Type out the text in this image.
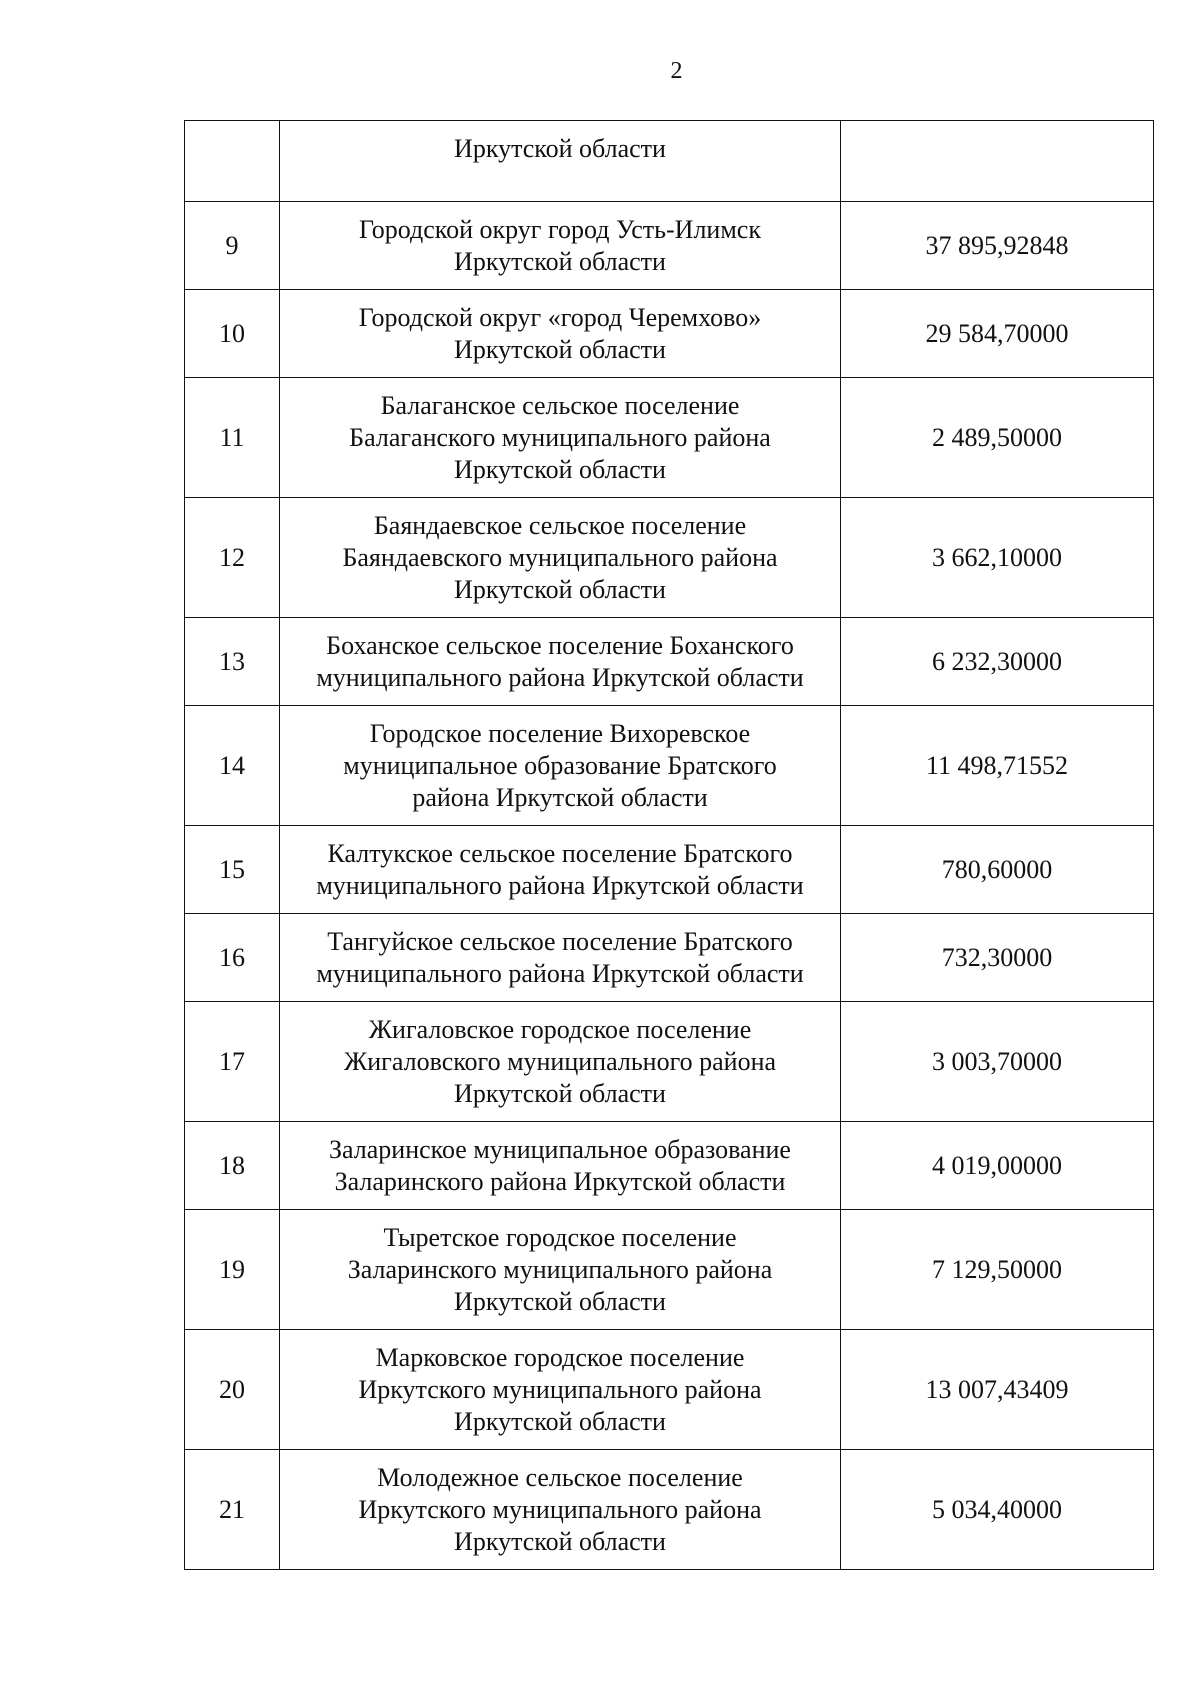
2

	Иркутской области	

9	Городской округ город Усть-Илимск
Иркутской области	37 895,92848
10	Городской округ «город Черемхово»
Иркутской области	29 584,70000
11	Балаганское сельское поселение
Балаганского муниципального района
Иркутской области	2 489,50000
12	Баяндаевское сельское поселение
Баяндаевского муниципального района
Иркутской области	3 662,10000
13	Боханское сельское поселение Боханского
муниципального района Иркутской области	6 232,30000
14	Городское поселение Вихоревское
муниципальное образование Братского
района Иркутской области	11 498,71552
15	Калтукское сельское поселение Братского
муниципального района Иркутской области	780,60000
16	Тангуйское сельское поселение Братского
муниципального района Иркутской области	732,30000
17	Жигаловское городское поселение
Жигаловского муниципального района
Иркутской области	3 003,70000
18	Заларинское муниципальное образование
Заларинского района Иркутской области	4 019,00000
19	Тыретское городское поселение
Заларинского муниципального района
Иркутской области	7 129,50000
20	Марковское городское поселение
Иркутского муниципального района
Иркутской области	13 007,43409
21	Молодежное сельское поселение
Иркутского муниципального района
Иркутской области	5 034,40000
